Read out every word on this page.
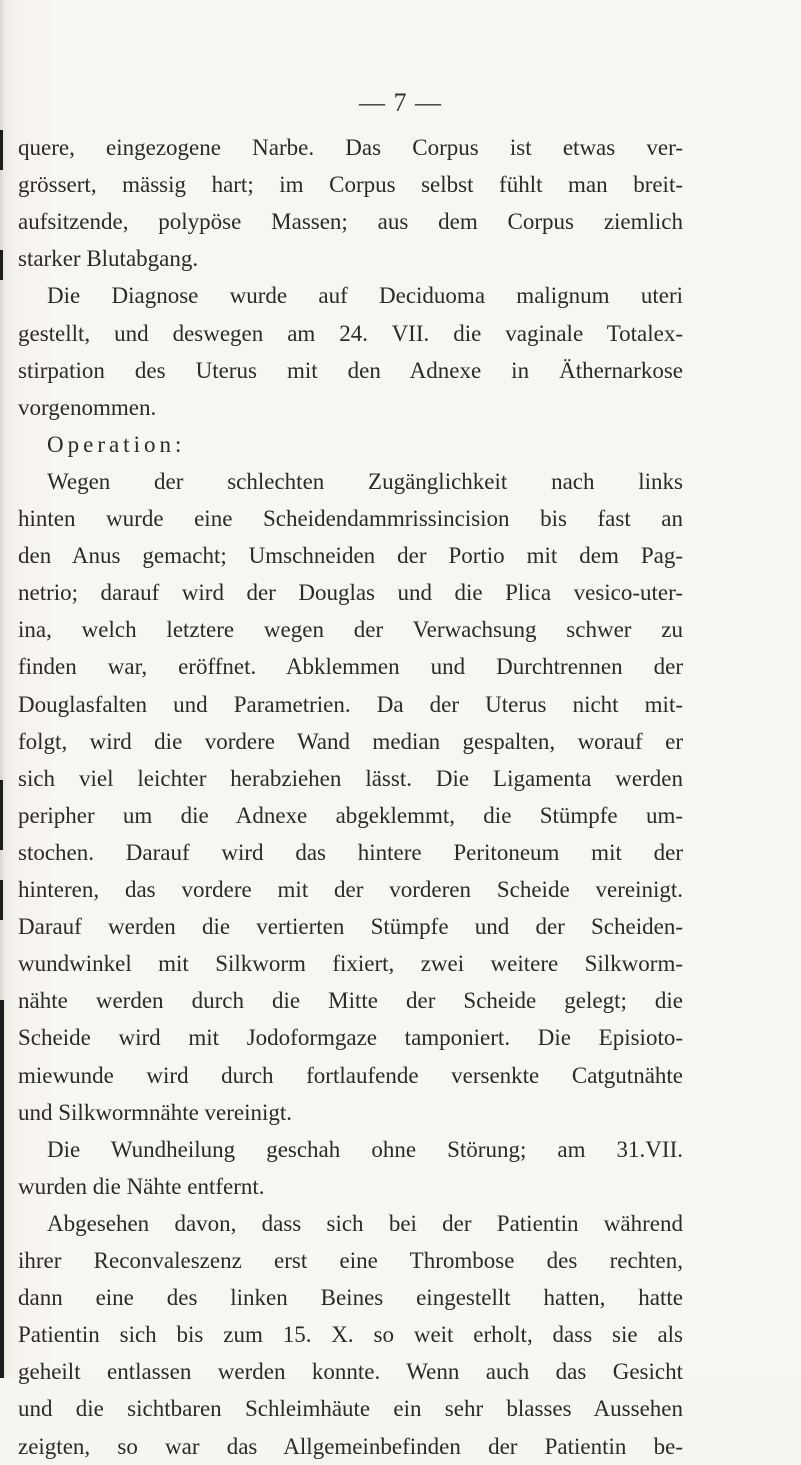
— 7 —
quere, eingezogene Narbe. Das Corpus ist etwas ver-
grössert, mässig hart; im Corpus selbst fühlt man breit-
aufsitzende, polypöse Massen; aus dem Corpus ziemlich
starker Blutabgang.
Die Diagnose wurde auf Deciduoma malignum uteri
gestellt, und deswegen am 24. VII. die vaginale Totalex-
stirpation des Uterus mit den Adnexe in Äthernarkose
vorgenommen.
Operation:
Wegen der schlechten Zugänglichkeit nach links
hinten wurde eine Scheidendammrissincision bis fast an
den Anus gemacht; Umschneiden der Portio mit dem Pag-
netrio; darauf wird der Douglas und die Plica vesico-uter-
ina, welch letztere wegen der Verwachsung schwer zu
finden war, eröffnet. Abklemmen und Durchtrennen der
Douglasfalten und Parametrien. Da der Uterus nicht mit-
folgt, wird die vordere Wand median gespalten, worauf er
sich viel leichter herabziehen lässt. Die Ligamenta werden
peripher um die Adnexe abgeklemmt, die Stümpfe um-
stochen. Darauf wird das hintere Peritoneum mit der
hinteren, das vordere mit der vorderen Scheide vereinigt.
Darauf werden die vertierten Stümpfe und der Scheiden-
wundwinkel mit Silkworm fixiert, zwei weitere Silkworm-
nähte werden durch die Mitte der Scheide gelegt; die
Scheide wird mit Jodoformgaze tamponiert. Die Episioto-
miewunde wird durch fortlaufende versenkte Catgutnähte
und Silkwormnähte vereinigt.
Die Wundheilung geschah ohne Störung; am 31.VII.
wurden die Nähte entfernt.
Abgesehen davon, dass sich bei der Patientin während
ihrer Reconvaleszenz erst eine Thrombose des rechten,
dann eine des linken Beines eingestellt hatten, hatte
Patientin sich bis zum 15. X. so weit erholt, dass sie als
geheilt entlassen werden konnte. Wenn auch das Gesicht
und die sichtbaren Schleimhäute ein sehr blasses Aussehen
zeigten, so war das Allgemeinbefinden der Patientin be-
